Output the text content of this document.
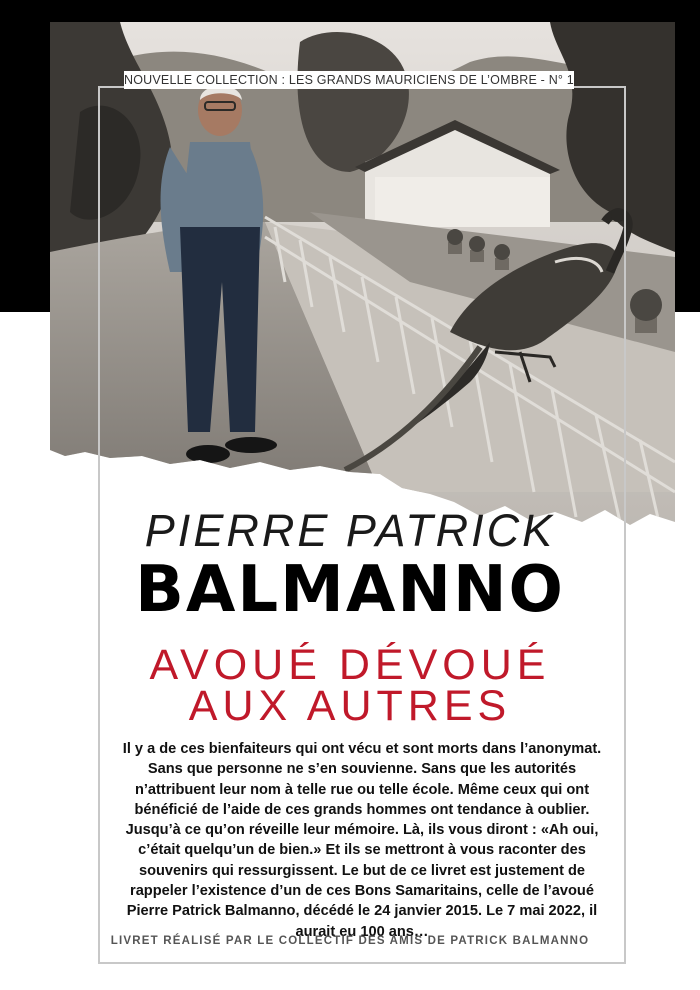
NOUVELLE COLLECTION : LES GRANDS MAURICIENS DE L’OMBRE - N° 1
PIERRE PATRICK
BALMANNO
AVOUÉ DÉVOUÉ
AUX AUTRES
Il y a de ces bienfaiteurs qui ont vécu et sont morts dans l’anonymat. Sans que personne ne s’en souvienne. Sans que les autorités n’attribuent leur nom à telle rue ou telle école. Même ceux qui ont bénéficié de l’aide de ces grands hommes ont tendance à oublier. Jusqu’à ce qu’on réveille leur mémoire. Là, ils vous diront : «Ah oui, c’était quelqu’un de bien.» Et ils se mettront à vous raconter des souvenirs qui ressurgissent. Le but de ce livret est justement de rappeler l’existence d’un de ces Bons Samaritains, celle de l’avoué Pierre Patrick Balmanno, décédé le 24 janvier 2015. Le 7 mai 2022, il aurait eu 100 ans…
LIVRET RÉALISÉ PAR LE COLLECTIF DES AMIS DE PATRICK BALMANNO
